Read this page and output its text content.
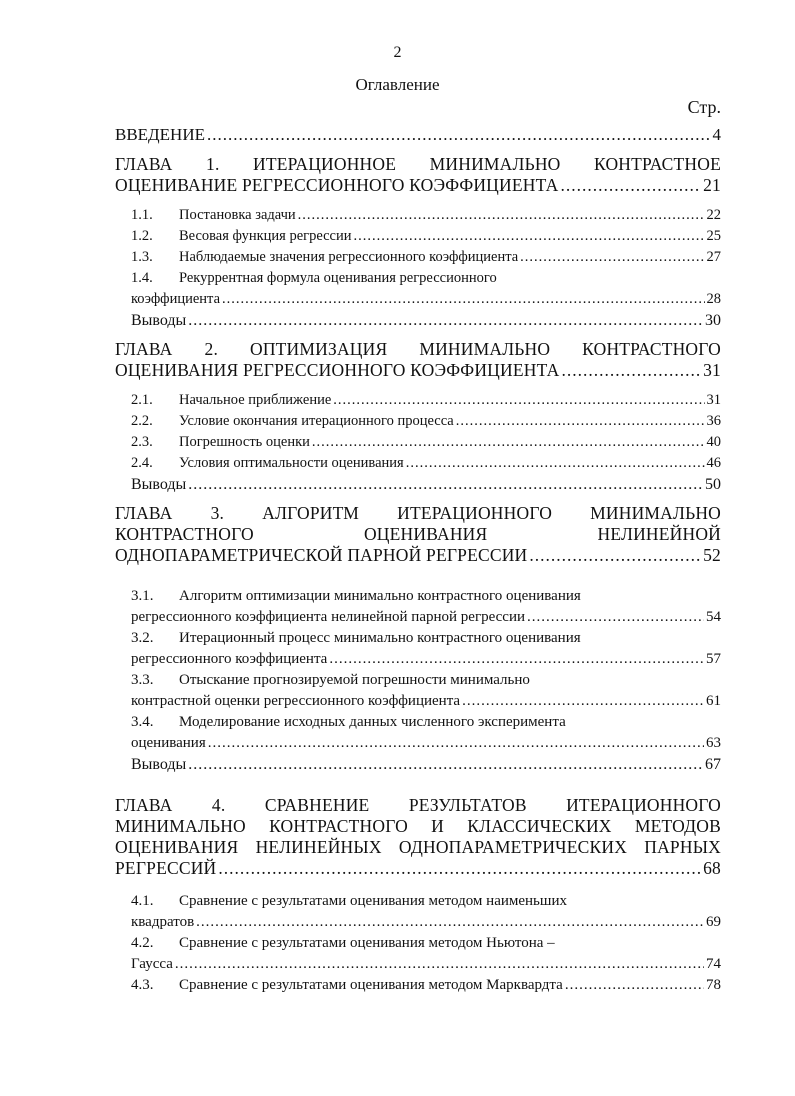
2
Оглавление
Стр.
ВВЕДЕНИЕ .....	4
ГЛАВА 1. ИТЕРАЦИОННОЕ МИНИМАЛЬНО КОНТРАСТНОЕ
ОЦЕНИВАНИЕ РЕГРЕССИОННОГО КОЭФФИЦИЕНТА .....	21
1.1. Постановка задачи .....	22
1.2. Весовая функция регрессии .....	25
1.3. Наблюдаемые значения регрессионного коэффициента .....	27
1.4. Рекуррентная формула оценивания регрессионного
коэффициента .....	28
Выводы .....	30
ГЛАВА 2. ОПТИМИЗАЦИЯ МИНИМАЛЬНО КОНТРАСТНОГО
ОЦЕНИВАНИЯ РЕГРЕССИОННОГО КОЭФФИЦИЕНТА .....	31
2.1. Начальное приближение .....	31
2.2. Условие окончания итерационного процесса .....	36
2.3. Погрешность оценки .....	40
2.4. Условия оптимальности оценивания .....	46
Выводы .....	50
ГЛАВА 3. АЛГОРИТМ ИТЕРАЦИОННОГО МИНИМАЛЬНО
КОНТРАСТНОГО ОЦЕНИВАНИЯ НЕЛИНЕЙНОЙ
ОДНОПАРАМЕТРИЧЕСКОЙ ПАРНОЙ РЕГРЕССИИ .....	52
3.1. Алгоритм оптимизации минимально контрастного оценивания
регрессионного коэффициента нелинейной парной регрессии .....	54
3.2. Итерационный процесс минимально контрастного оценивания
регрессионного коэффициента .....	57
3.3. Отыскание прогнозируемой погрешности минимально
контрастной оценки регрессионного коэффициента .....	61
3.4. Моделирование исходных данных численного эксперимента
оценивания .....	63
Выводы .....	67
ГЛАВА 4. СРАВНЕНИЕ РЕЗУЛЬТАТОВ ИТЕРАЦИОННОГО
МИНИМАЛЬНО КОНТРАСТНОГО И КЛАССИЧЕСКИХ МЕТОДОВ
ОЦЕНИВАНИЯ НЕЛИНЕЙНЫХ ОДНОПАРАМЕТРИЧЕСКИХ ПАРНЫХ
РЕГРЕССИЙ .....	68
4.1. Сравнение с результатами оценивания методом наименьших
квадратов .....	69
4.2. Сравнение с результатами оценивания методом Ньютона –
Гаусса .....	74
4.3. Сравнение с результатами оценивания методом Марквардта .....	78
